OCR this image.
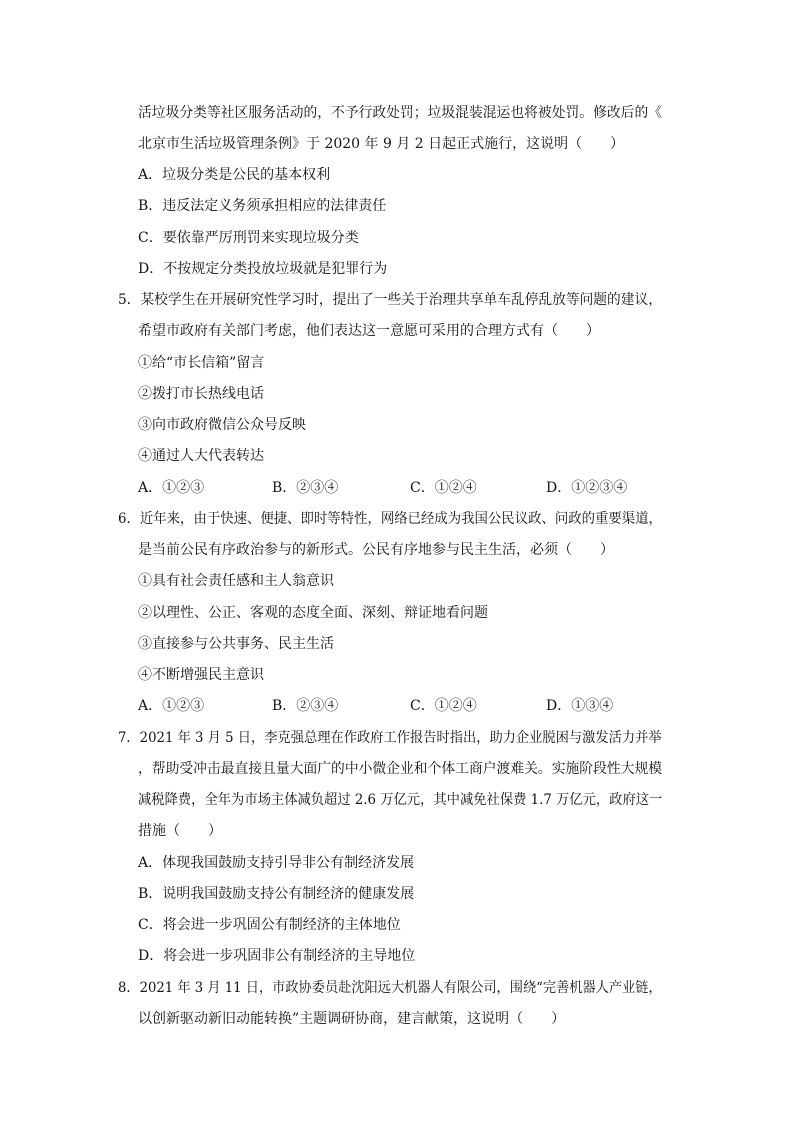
活垃圾分类等社区服务活动的，不予行政处罚；垃圾混装混运也将被处罚。修改后的《
北京市生活垃圾管理条例》于 2020 年 9 月 2 日起正式施行，这说明（　　）
A．垃圾分类是公民的基本权利
B．违反法定义务须承担相应的法律责任
C．要依靠严厉刑罚来实现垃圾分类
D．不按规定分类投放垃圾就是犯罪行为
5．某校学生在开展研究性学习时，提出了一些关于治理共享单车乱停乱放等问题的建议，
希望市政府有关部门考虑，他们表达这一意愿可采用的合理方式有（　　）
①给“市长信箱”留言
②拨打市长热线电话
③向市政府微信公众号反映
④通过人大代表转达
A．①②③	B．②③④	C．①②④	D．①②③④
6．近年来，由于快速、便捷、即时等特性，网络已经成为我国公民议政、问政的重要渠道，
是当前公民有序政治参与的新形式。公民有序地参与民主生活，必须（　　）
①具有社会责任感和主人翁意识
②以理性、公正、客观的态度全面、深刻、辩证地看问题
③直接参与公共事务、民主生活
④不断增强民主意识
A．①②③	B．②③④	C．①②④	D．①③④
7．2021 年 3 月 5 日，李克强总理在作政府工作报告时指出，助力企业脱困与激发活力并举
，帮助受冲击最直接且量大面广的中小微企业和个体工商户渡难关。实施阶段性大规模
减税降费，全年为市场主体减负超过 2.6 万亿元，其中减免社保费 1.7 万亿元，政府这一
措施（　　）
A．体现我国鼓励支持引导非公有制经济发展
B．说明我国鼓励支持公有制经济的健康发展
C．将会进一步巩固公有制经济的主体地位
D．将会进一步巩固非公有制经济的主导地位
8．2021 年 3 月 11 日，市政协委员赴沈阳远大机器人有限公司，围绕“完善机器人产业链，
以创新驱动新旧动能转换”主题调研协商，建言献策，这说明（　　）
